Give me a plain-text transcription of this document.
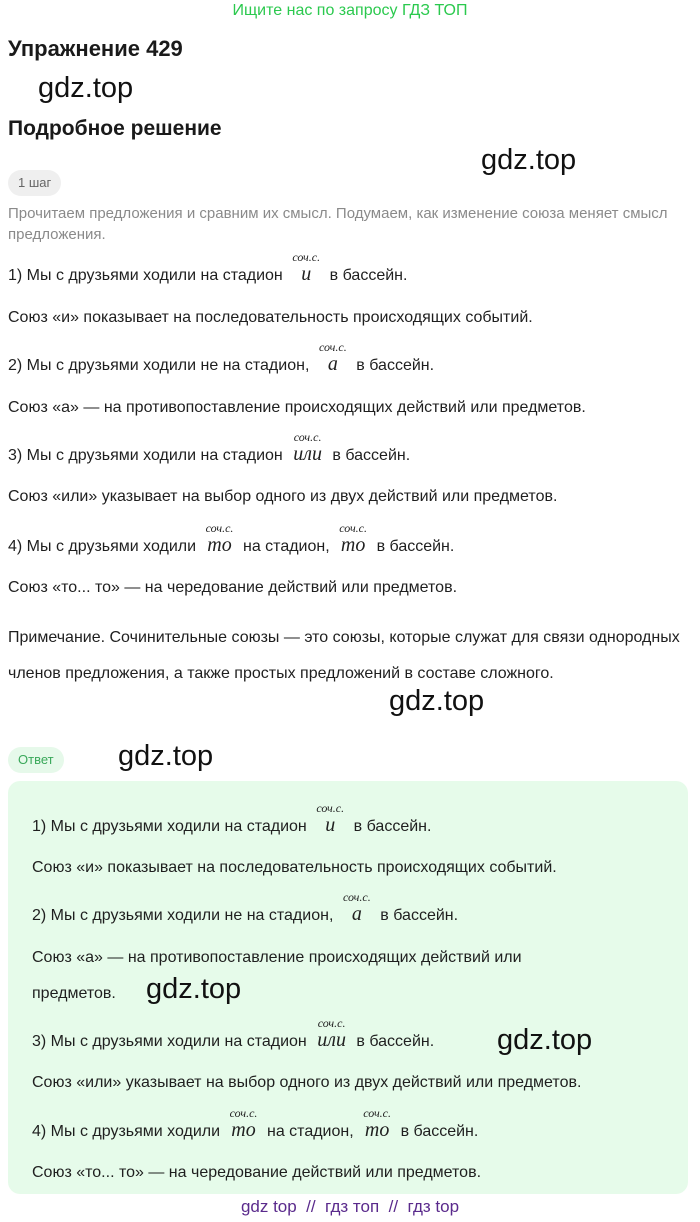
Ищите нас по запросу ГДЗ ТОП
Упражнение 429
gdz.top
Подробное решение
gdz.top
1 шаг
Прочитаем предложения и сравним их смысл. Подумаем, как изменение союза меняет смысл предложения.
1) Мы с друзьями ходили на стадион
соч.с.
и в бассейн.
Союз «и» показывает на последовательность происходящих событий.
2) Мы с друзьями ходили не на стадион,
соч.с.
а в бассейн.
Союз «а» — на противопоставление происходящих действий или предметов.
3) Мы с друзьями ходили на стадион
соч.с.
или в бассейн.
Союз «или» указывает на выбор одного из двух действий или предметов.
4) Мы с друзьями ходили
соч.с.
то на стадион,
соч.с.
то в бассейн.
Союз «то... то» — на чередование действий или предметов.
Примечание. Сочинительные союзы — это союзы, которые служат для связи однородных членов предложения, а также простых предложений в составе сложного.
gdz.top
Ответ	gdz.top
1) Мы с друзьями ходили на стадион
соч.с.
и в бассейн.
Союз «и» показывает на последовательность происходящих событий.
2) Мы с друзьями ходили не на стадион,
соч.с.
а в бассейн.
Союз «а» — на противопоставление происходящих действий или
предметов. gdz.top
3) Мы с друзьями ходили на стадион
соч.с.
или в бассейн. gdz.top
Союз «или» указывает на выбор одного из двух действий или предметов.
4) Мы с друзьями ходили
соч.с.
то на стадион,
соч.с.
то в бассейн.
Союз «то... то» — на чередование действий или предметов.
gdz top  //  гдз топ  //  гдз top
